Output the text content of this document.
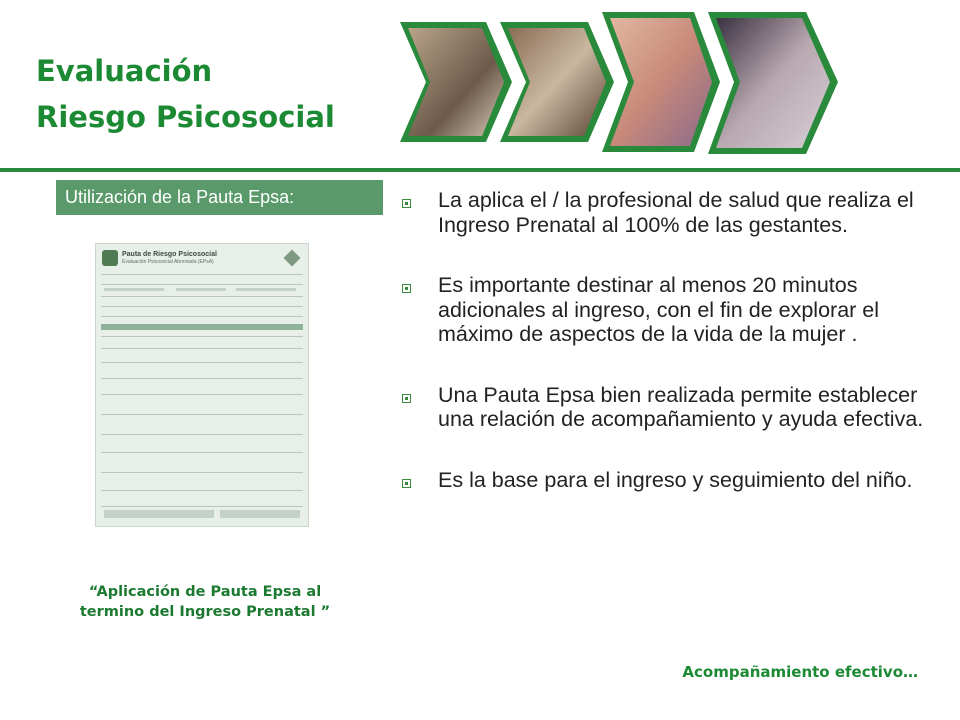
Evaluación
Riesgo Psicosocial
Utilización de la Pauta Epsa:
Pauta de Riesgo Psicosocial
Evaluación Psicosocial Abreviada (EPsA)
“Aplicación de Pauta Epsa al
termino del Ingreso Prenatal ”
La aplica el / la profesional de salud que realiza el Ingreso Prenatal al 100% de las gestantes.
Es importante destinar al menos 20 minutos adicionales al ingreso, con el fin de explorar el máximo de aspectos de la vida de la mujer .
Una Pauta Epsa bien realizada permite establecer una relación de acompañamiento y ayuda efectiva.
Es la base para el ingreso y seguimiento del niño.
Acompañamiento efectivo…
